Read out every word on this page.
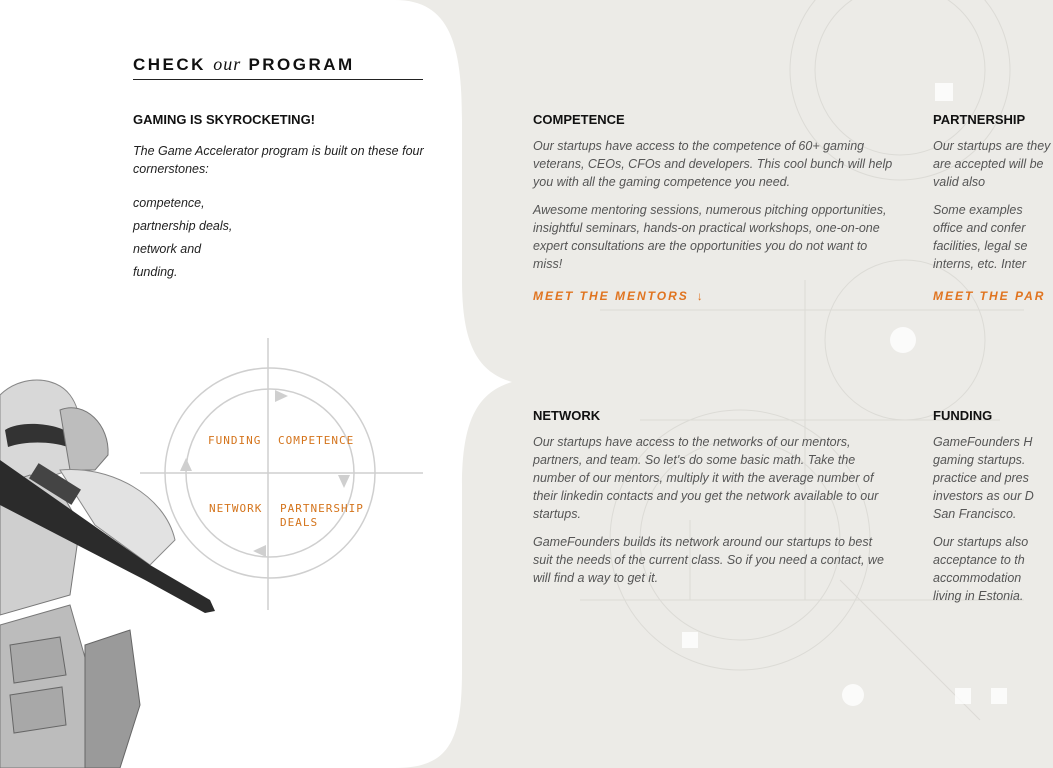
CHECK our PROGRAM
GAMING IS SKYROCKETING!
The Game Accelerator program is built on these four cornerstones:
competence,
partnership deals,
network and
funding.
FUNDING COMPETENCE
NETWORK PARTNERSHIP
DEALS
COMPETENCE

Our startups have access to the competence of 60+ gaming veterans, CEOs, CFOs and developers. This cool bunch will help you with all the gaming competence you need.

Awesome mentoring sessions, numerous pitching opportunities, insightful seminars, hands-on practical workshops, one-on-one expert consultations are the opportunities you do not want to miss!

MEET THE MENTORS ↓
PARTNERSHIP

Our startups are they are accepted will be valid also

Some examples office and confer facilities, legal se interns, etc. Inter

MEET THE PAR
NETWORK

Our startups have access to the networks of our mentors, partners, and team. So let's do some basic math. Take the number of our mentors, multiply it with the average number of their linkedin contacts and you get the network available to our startups.

GameFounders builds its network around our startups to best suit the needs of the current class. So if you need a contact, we will find a way to get it.

FUNDING

GameFounders H gaming startups. practice and pres investors as our D San Francisco.

Our startups also acceptance to th accommodation living in Estonia.
